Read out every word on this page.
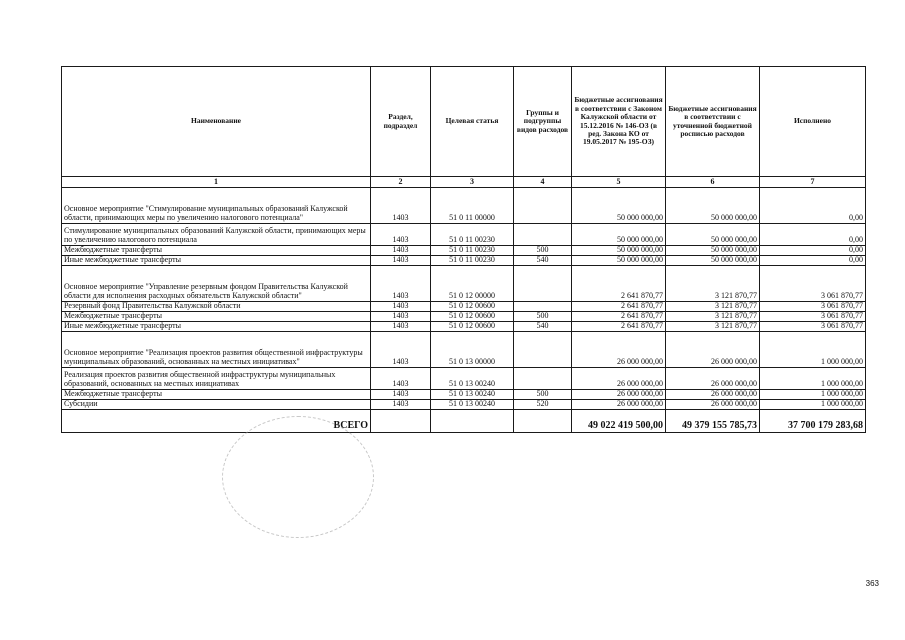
Наименование	Раздел, подраздел	Целевая статья	Группы и подгруппы видов расходов	Бюджетные ассигнования в соответствии с Законом Калужской области от 15.12.2016 № 146-ОЗ (в ред. Закона КО от 19.05.2017 № 195-ОЗ)	Бюджетные ассигнования в соответствии с уточненной бюджетной росписью расходов	Исполнено
1	2	3	4	5	6	7
Основное мероприятие "Стимулирование муниципальных образований Калужской области, принимающих меры по увеличению налогового потенциала"	1403	51 0 11 00000		50 000 000,00	50 000 000,00	0,00
Стимулирование муниципальных образований Калужской области, принимающих меры по увеличению налогового потенциала	1403	51 0 11 00230		50 000 000,00	50 000 000,00	0,00
Межбюджетные трансферты	1403	51 0 11 00230	500	50 000 000,00	50 000 000,00	0,00
Иные межбюджетные трансферты	1403	51 0 11 00230	540	50 000 000,00	50 000 000,00	0,00
Основное мероприятие "Управление резервным фондом Правительства Калужской области для исполнения расходных обязательств Калужской области"	1403	51 0 12 00000		2 641 870,77	3 121 870,77	3 061 870,77
Резервный фонд Правительства Калужской области	1403	51 0 12 00600		2 641 870,77	3 121 870,77	3 061 870,77
Межбюджетные трансферты	1403	51 0 12 00600	500	2 641 870,77	3 121 870,77	3 061 870,77
Иные межбюджетные трансферты	1403	51 0 12 00600	540	2 641 870,77	3 121 870,77	3 061 870,77
Основное мероприятие "Реализация проектов развития общественной инфраструктуры муниципальных образований, основанных на местных инициативах"	1403	51 0 13 00000		26 000 000,00	26 000 000,00	1 000 000,00
Реализация проектов развития общественной инфраструктуры муниципальных образований, основанных на местных инициативах	1403	51 0 13 00240		26 000 000,00	26 000 000,00	1 000 000,00
Межбюджетные трансферты	1403	51 0 13 00240	500	26 000 000,00	26 000 000,00	1 000 000,00
Субсидии	1403	51 0 13 00240	520	26 000 000,00	26 000 000,00	1 000 000,00
ВСЕГО				49 022 419 500,00	49 379 155 785,73	37 700 179 283,68
363
